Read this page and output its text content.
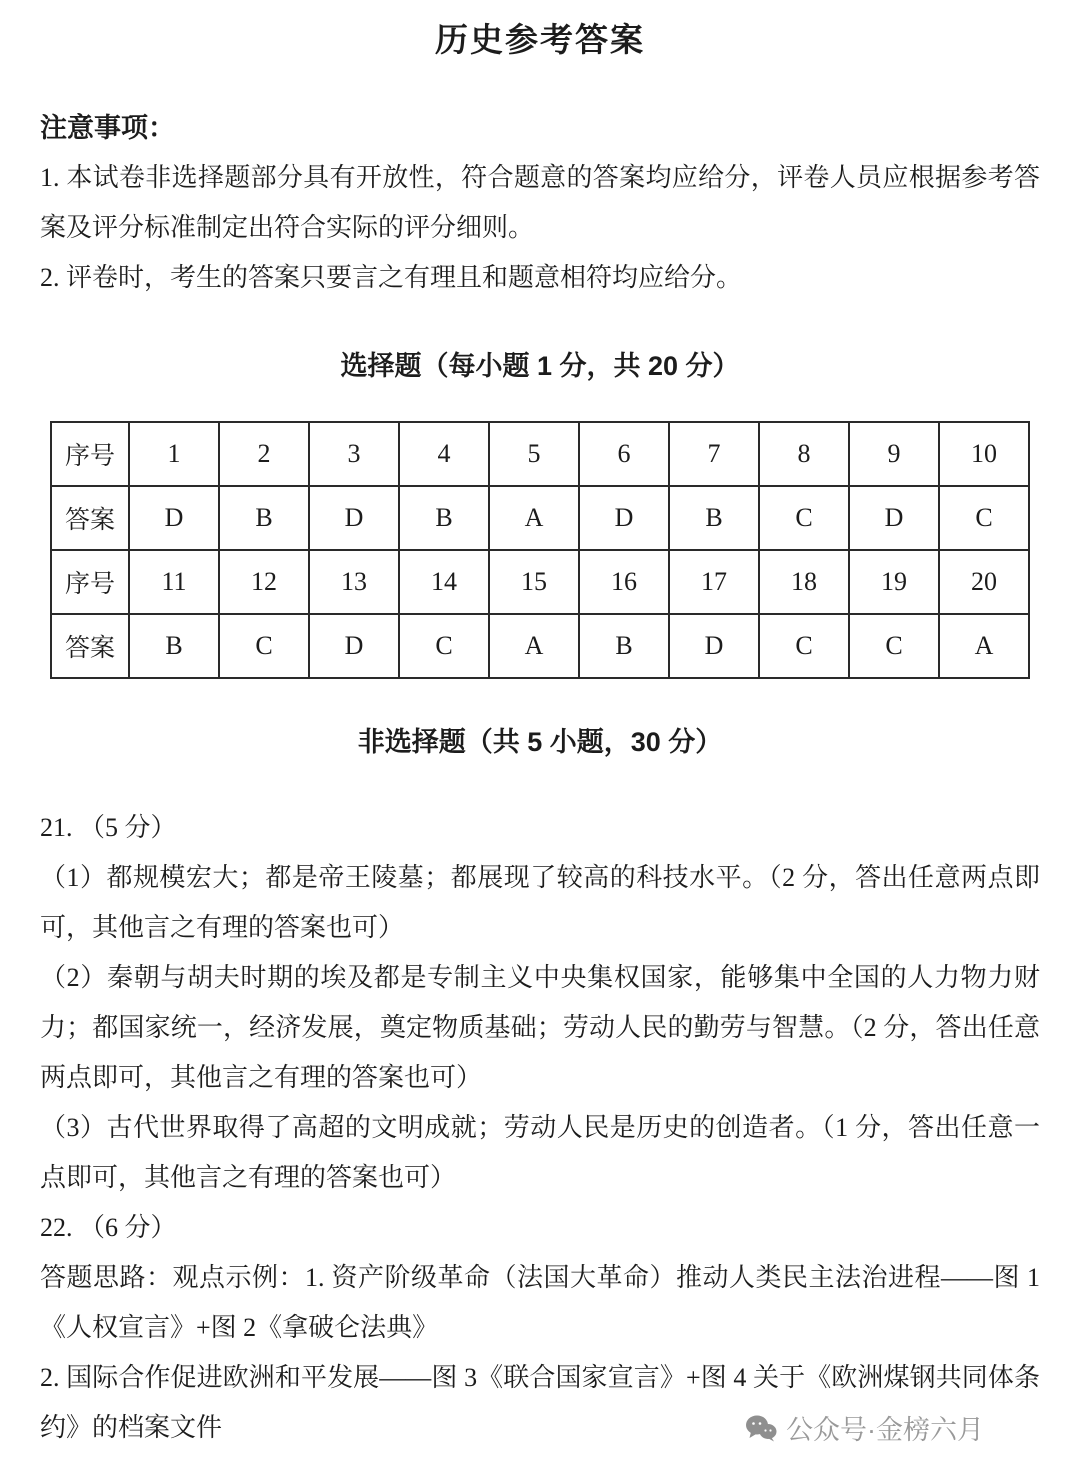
历史参考答案

注意事项：

1. 本试卷非选择题部分具有开放性，符合题意的答案均应给分，评卷人员应根据参考答案及评分标准制定出符合实际的评分细则。

2. 评卷时，考生的答案只要言之有理且和题意相符均应给分。

选择题（每小题 1 分，共 20 分）
序号	1	2	3	4	5	6	7	8	9	10
答案	D	B	D	B	A	D	B	C	D	C
序号	11	12	13	14	15	16	17	18	19	20
答案	B	C	D	C	A	B	D	C	C	A
非选择题（共 5 小题，30 分）

21. （5 分）

（1）都规模宏大；都是帝王陵墓；都展现了较高的科技水平。（2 分，答出任意两点即可，其他言之有理的答案也可）

（2）秦朝与胡夫时期的埃及都是专制主义中央集权国家，能够集中全国的人力物力财力；都国家统一，经济发展，奠定物质基础；劳动人民的勤劳与智慧。（2 分，答出任意两点即可，其他言之有理的答案也可）

（3）古代世界取得了高超的文明成就；劳动人民是历史的创造者。（1 分，答出任意一点即可，其他言之有理的答案也可）

22. （6 分）

答题思路：观点示例：1. 资产阶级革命（法国大革命）推动人类民主法治进程——图 1《人权宣言》+图 2《拿破仑法典》

2. 国际合作促进欧洲和平发展——图 3《联合国家宣言》+图 4 关于《欧洲煤钢共同体条约》的档案文件	公众号·金榜六月
